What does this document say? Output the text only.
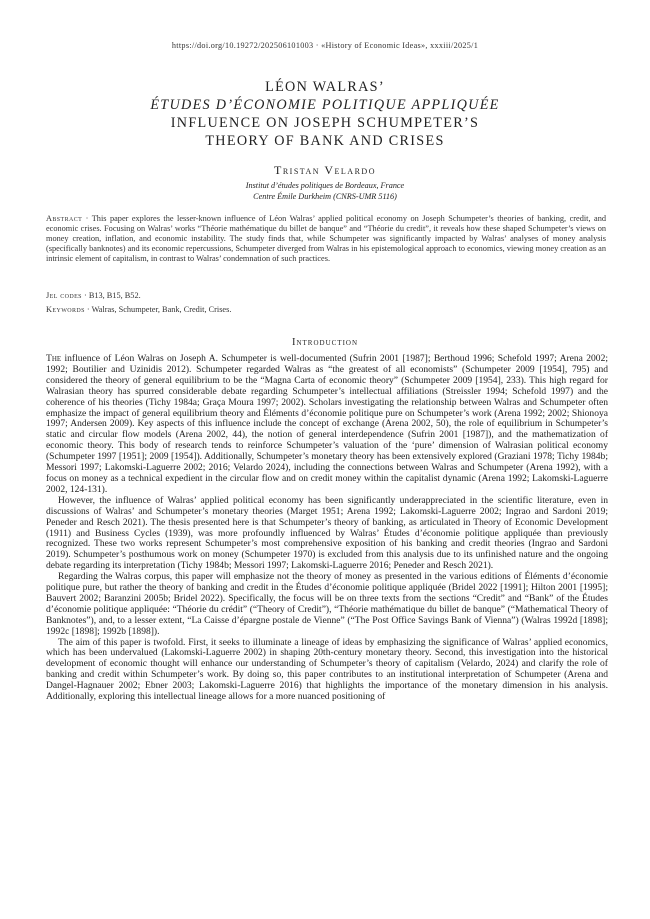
https://doi.org/10.19272/202506101003 · «History of Economic Ideas», xxxiii/2025/1
LÉON WALRAS’
ÉTUDES D’ÉCONOMIE POLITIQUE APPLIQUÉE
INFLUENCE ON JOSEPH SCHUMPETER’S
THEORY OF BANK AND CRISES
Tristan Velardo
Institut d’études politiques de Bordeaux, France
Centre Émile Durkheim (CNRS-UMR 5116)
Abstract · This paper explores the lesser-known influence of Léon Walras’ applied political economy on Joseph Schumpeter’s theories of banking, credit, and economic crises. Focusing on Walras’ works “Théorie mathématique du billet de banque” and “Théorie du credit”, it reveals how these shaped Schumpeter’s views on money creation, inflation, and economic instability. The study finds that, while Schumpeter was significantly impacted by Walras’ analyses of money analysis (specifically banknotes) and its economic repercussions, Schumpeter diverged from Walras in his epistemological approach to economics, viewing money creation as an intrinsic element of capitalism, in contrast to Walras’ condemnation of such practices.
Jel codes · B13, B15, B52.
Keywords · Walras, Schumpeter, Bank, Credit, Crises.
Introduction

The influence of Léon Walras on Joseph A. Schumpeter is well-documented (Sufrin 2001 [1987]; Berthoud 1996; Schefold 1997; Arena 2002; 1992; Boutilier and Uzinidis 2012). Schumpeter regarded Walras as “the greatest of all economists” (Schumpeter 2009 [1954], 795) and considered the theory of general equilibrium to be the “Magna Carta of economic theory” (Schumpeter 2009 [1954], 233). This high regard for Walrasian theory has spurred considerable debate regarding Schumpeter’s intellectual affiliations (Streissler 1994; Schefold 1997) and the coherence of his theories (Tichy 1984a; Graça Moura 1997; 2002). Scholars investigating the relationship between Walras and Schumpeter often emphasize the impact of general equilibrium theory and Éléments d’économie politique pure on Schumpeter’s work (Arena 1992; 2002; Shionoya 1997; Andersen 2009). Key aspects of this influence include the concept of exchange (Arena 2002, 50), the role of equilibrium in Schumpeter’s static and circular flow models (Arena 2002, 44), the notion of general interdependence (Sufrin 2001 [1987]), and the mathematization of economic theory. This body of research tends to reinforce Schumpeter’s valuation of the ‘pure’ dimension of Walrasian political economy (Schumpeter 1997 [1951]; 2009 [1954]). Additionally, Schumpeter’s monetary theory has been extensively explored (Graziani 1978; Tichy 1984b; Messori 1997; Lakomski-Laguerre 2002; 2016; Velardo 2024), including the connections between Walras and Schumpeter (Arena 1992), with a focus on money as a technical expedient in the circular flow and on credit money within the capitalist dynamic (Arena 1992; Lakomski-Laguerre 2002, 124-131).

However, the influence of Walras’ applied political economy has been significantly underappreciated in the scientific literature, even in discussions of Walras’ and Schumpeter’s monetary theories (Marget 1951; Arena 1992; Lakomski-Laguerre 2002; Ingrao and Sardoni 2019; Peneder and Resch 2021). The thesis presented here is that Schumpeter’s theory of banking, as articulated in Theory of Economic Development (1911) and Business Cycles (1939), was more profoundly influenced by Walras’ Études d’économie politique appliquée than previously recognized. These two works represent Schumpeter’s most comprehensive exposition of his banking and credit theories (Ingrao and Sardoni 2019). Schumpeter’s posthumous work on money (Schumpeter 1970) is excluded from this analysis due to its unfinished nature and the ongoing debate regarding its interpretation (Tichy 1984b; Messori 1997; Lakomski-Laguerre 2016; Peneder and Resch 2021).

Regarding the Walras corpus, this paper will emphasize not the theory of money as presented in the various editions of Éléments d’économie politique pure, but rather the theory of banking and credit in the Études d’économie politique appliquée (Bridel 2022 [1991]; Hilton 2001 [1995]; Bauvert 2002; Baranzini 2005b; Bridel 2022). Specifically, the focus will be on three texts from the sections “Credit” and “Bank” of the Études d’économie politique appliquée: “Théorie du crédit” (“Theory of Credit”), “Théorie mathématique du billet de banque” (“Mathematical Theory of Banknotes”), and, to a lesser extent, “La Caisse d’épargne postale de Vienne” (“The Post Office Savings Bank of Vienna”) (Walras 1992d [1898]; 1992c [1898]; 1992b [1898]).

The aim of this paper is twofold. First, it seeks to illuminate a lineage of ideas by emphasizing the significance of Walras’ applied economics, which has been undervalued (Lakomski-Laguerre 2002) in shaping 20th-century monetary theory. Second, this investigation into the historical development of economic thought will enhance our understanding of Schumpeter’s theory of capitalism (Velardo, 2024) and clarify the role of banking and credit within Schumpeter’s work. By doing so, this paper contributes to an institutional interpretation of Schumpeter (Arena and Dangel-Hagnauer 2002; Ebner 2003; Lakomski-Laguerre 2016) that highlights the importance of the monetary dimension in his analysis. Additionally, exploring this intellectual lineage allows for a more nuanced positioning of
